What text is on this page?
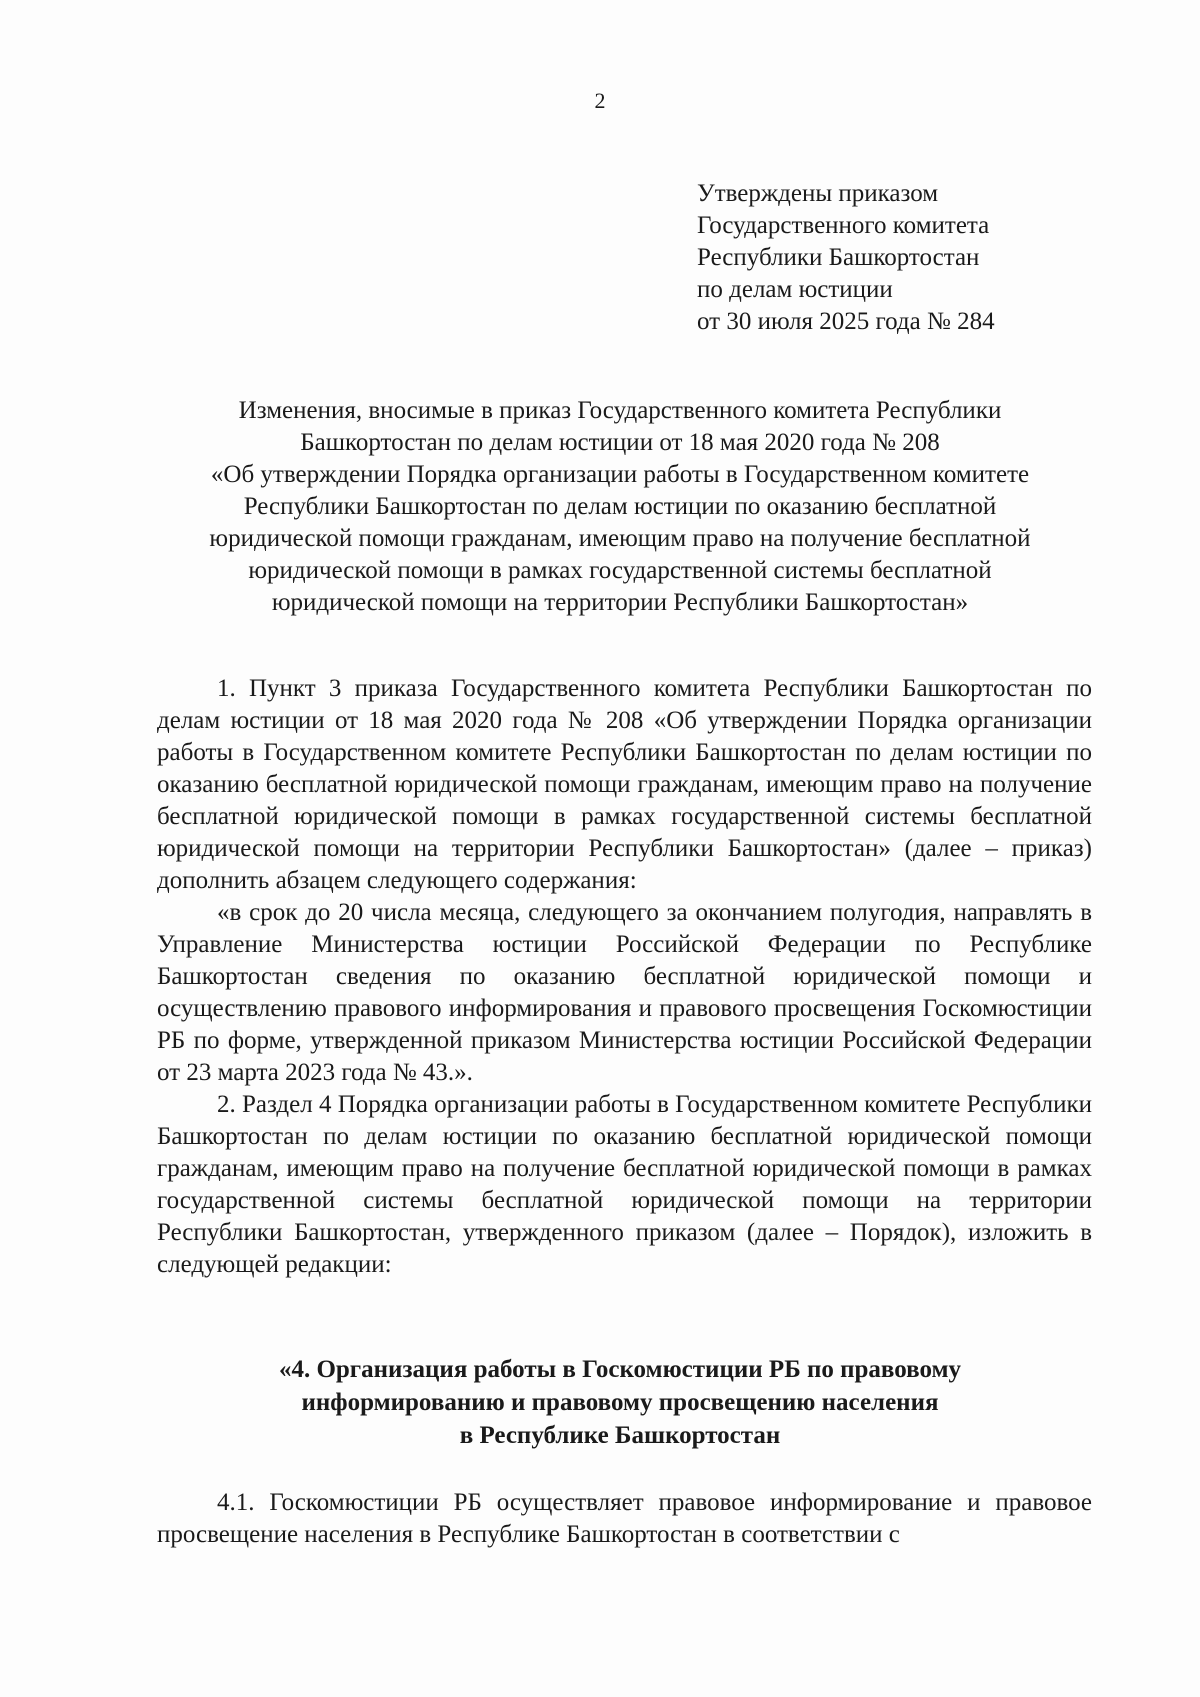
2
Утверждены приказом
Государственного комитета
Республики Башкортостан
по делам юстиции
от 30 июля 2025 года № 284
Изменения, вносимые в приказ Государственного комитета Республики
Башкортостан по делам юстиции от 18 мая 2020 года № 208
«Об утверждении Порядка организации работы в Государственном комитете
Республики Башкортостан по делам юстиции по оказанию бесплатной
юридической помощи гражданам, имеющим право на получение бесплатной
юридической помощи в рамках государственной системы бесплатной
юридической помощи на территории Республики Башкортостан»

1. Пункт 3 приказа Государственного комитета Республики Башкортостан по делам юстиции от 18 мая 2020 года № 208 «Об утверждении Порядка организации работы в Государственном комитете Республики Башкортостан по делам юстиции по оказанию бесплатной юридической помощи гражданам, имеющим право на получение бесплатной юридической помощи в рамках государственной системы бесплатной юридической помощи на территории Республики Башкортостан» (далее – приказ) дополнить абзацем следующего содержания:

«в срок до 20 числа месяца, следующего за окончанием полугодия, направлять в Управление Министерства юстиции Российской Федерации по Республике Башкортостан сведения по оказанию бесплатной юридической помощи и осуществлению правового информирования и правового просвещения Госкомюстиции РБ по форме, утвержденной приказом Министерства юстиции Российской Федерации от 23 марта 2023 года № 43.».

2. Раздел 4 Порядка организации работы в Государственном комитете Республики Башкортостан по делам юстиции по оказанию бесплатной юридической помощи гражданам, имеющим право на получение бесплатной юридической помощи в рамках государственной системы бесплатной юридической помощи на территории Республики Башкортостан, утвержденного приказом (далее – Порядок), изложить в следующей редакции:

«4. Организация работы в Госкомюстиции РБ по правовому
информированию и правовому просвещению населения
в Республике Башкортостан

4.1. Госкомюстиции РБ осуществляет правовое информирование и правовое просвещение населения в Республике Башкортостан в соответствии с
